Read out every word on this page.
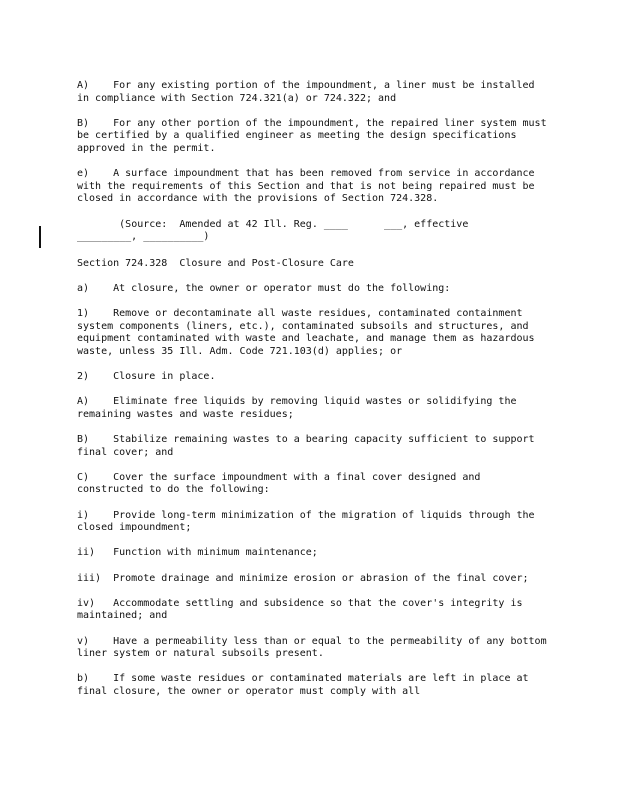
A)    For any existing portion of the impoundment, a liner must be installed in compliance with Section 724.321(a) or 724.322; and

B)    For any other portion of the impoundment, the repaired liner system must be certified by a qualified engineer as meeting the design specifications approved in the permit.

e)    A surface impoundment that has been removed from service in accordance with the requirements of this Section and that is not being repaired must be closed in accordance with the provisions of Section 724.328.

(Source:  Amended at 42 Ill. Reg. ____      ___, effective

_________, __________)

Section 724.328  Closure and Post-Closure Care

a)    At closure, the owner or operator must do the following:

1)    Remove or decontaminate all waste residues, contaminated containment system components (liners, etc.), contaminated subsoils and structures, and equipment contaminated with waste and leachate, and manage them as hazardous waste, unless 35 Ill. Adm. Code 721.103(d) applies; or

2)    Closure in place.

A)    Eliminate free liquids by removing liquid wastes or solidifying the remaining wastes and waste residues;

B)    Stabilize remaining wastes to a bearing capacity sufficient to support final cover; and

C)    Cover the surface impoundment with a final cover designed and constructed to do the following:

i)    Provide long-term minimization of the migration of liquids through the closed impoundment;

ii)   Function with minimum maintenance;

iii)  Promote drainage and minimize erosion or abrasion of the final cover;

iv)   Accommodate settling and subsidence so that the cover's integrity is maintained; and

v)    Have a permeability less than or equal to the permeability of any bottom liner system or natural subsoils present.

b)    If some waste residues or contaminated materials are left in place at final closure, the owner or operator must comply with all
